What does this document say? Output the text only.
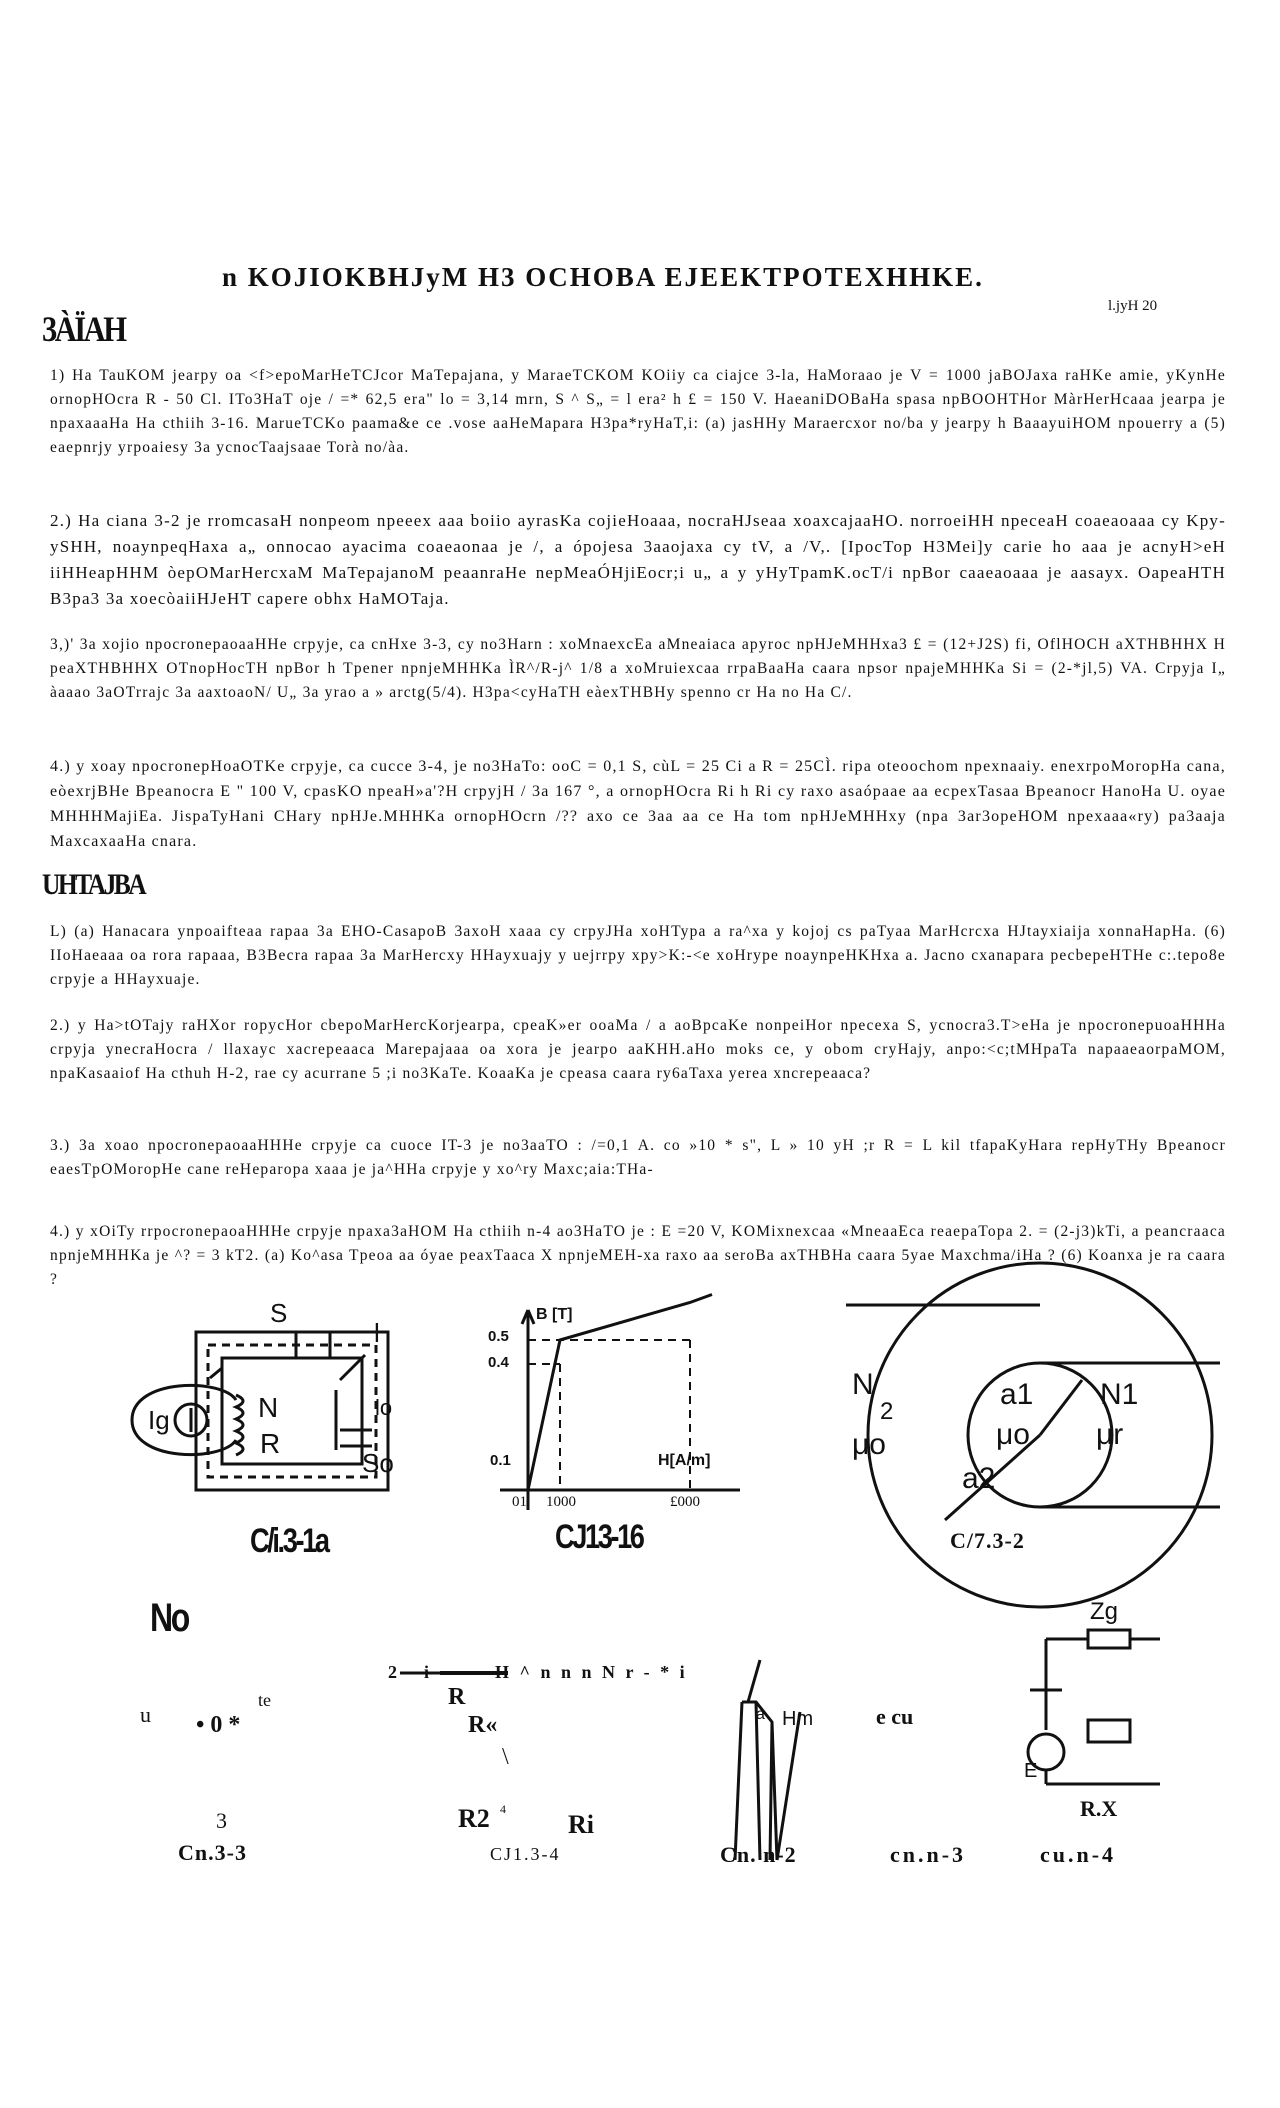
n KOJIOKBHJyM H3 OCHOBA EJEEKTPOTEXHHKE.
l.jyH 20
3ÀÏAH
1) Ha TauKOM jearpy oa <f>epoMarHeTCJcor MaTepajana, y MaraeTCKOM KOiiy ca ciajce 3-la, HaMoraao je V = 1000 jaBOJaxa raHKe amie, yKynHe ornopHOcra R - 50 Cl. ITo3HaT oje / =* 62,5 era" lo = 3,14 mrn, S ^ S„ = l era² h £ = 150 V. HaeaniDOBaHa spasa npBOOHTHor MàrHerHcaaa jearpa je npaxaaaHa Ha cthiih 3-16. MarueTCKo paama&e ce .vose aaHeMapara H3pa*ryHaT,i: (a) jasHHy Maraercxor no/ba y jearpy h BaaayuiHOM npouerry a (5) eaepnrjy yrpoaiesy 3a ycnocTaajsaae Torà no/àa.
2.) Ha ciana 3-2 je rromcasaH nonpeom npeeex aaa boiio ayrasKa cojieHoaaa, nocraHJseaa xoaxcajaaHO. norroeiHH npeceaH coaeaoaaa cy Kpy-ySHH, noaynpeqHaxa a„ onnocao ayacima coaeaonaa je /, a ópojesa 3aaojaxa cy tV, a /V,. [IpocTop H3Mei]y carie ho aaa je acnyH>eH iiHHeapHHM òepOMarHercxaM MaTepajanoM peaanraHe nepMeaÓHjiEocr;i u„ a y yHyTpamK.ocT/i npBor caaeaoaaa je aasayx. OapeaHTH B3pa3 3a xoecòaiiHJeHT capere obhx HaMOTaja.
3,)' 3a xojio npocronepaoaaHHe crpyje, ca cnHxe 3-3, cy no3Harn : xoMnaexcEa aMneaiaca apyroc npHJeMHHxa3 £ = (12+J2S) fi, OflHOCH aXTHBHHX H peaXTHBHHX OTnopHocTH npBor h Tpener npnjeMHHKa ÌR^/R-j^ 1/8 a xoMruiexcaa rrpaBaaHa caara npsor npajeMHHKa Si = (2-*jl,5) VA. Crpyja I„ àaaao 3aOTrrajc 3a aaxtoaoN/ U„ 3a yrao a » arctg(5/4). H3pa<cyHaTH eàexTHBHy spenno cr Ha no Ha C/.
4.) y xoay npocronepHoaOTKe crpyje, ca cucce 3-4, je no3HaTo: ooC = 0,1 S, cùL = 25 Ci a R = 25CÌ. ripa oteoochom npexnaaiy. enexrpoMoropHa cana, eòexrjBHe Bpeanocra E " 100 V, cpasKO npeaH»a'?H crpyjH / 3a 167 °, a ornopHOcra Ri h Ri cy raxo asaópaae aa ecpexTasaa Bpeanocr HanoHa U. oyae MHHHMajiEa. JispaTyHani CHary npHJe.MHHKa ornopHOcrn /?? axo ce 3aa aa ce Ha tom npHJeMHHxy (npa 3ar3opeHOM npexaaa«ry) pa3aaja MaxcaxaaHa cnara.
UHTAJBA
L) (a) Hanacara ynpoaifteaa rapaa 3a EHO-CasapoB 3axoH xaaa cy crpyJHa xoHTypa a ra^xa y kojoj cs paTyaa MarHcrcxa HJtayxiaija xonnaHapHa. (6) IIoHaeaaa oa rora rapaaa, B3Becra rapaa 3a MarHercxy HHayxuajy y uejrrpy xpy>K:-<e xoHrype noaynpeHKHxa a. Jacno cxanapara pecbepeHTHe c:.tepo8e crpyje a HHayxuaje.
2.) y Ha>tOTajy raHXor ropycHor cbepoMarHercKorjearpa, cpeaK»er ooaMa / a aoBpcaKe nonpeiHor npecexa S, ycnocra3.T>eHa je npocronepuoaHHHa crpyja ynecraHocra / llaxayc xacrepeaaca Marepajaaa oa xora je jearpo aaKHH.aHo moks ce, y obom cryHajy, anpo:<c;tMHpaTa napaaeaorpaMOM, npaKasaaiof Ha cthuh H-2, rae cy acurrane 5 ;i no3KaTe. KoaaKa je cpeasa caara ry6aTaxa yerea xncrepeaaca?
3.) 3a xoao npocronepaoaaHHHe crpyje ca cuoce IT-3 je no3aaTO : /=0,1 A. co »10 * s", L » 10 yH ;r R = L kil tfapaKyHara repHyTHy Bpeanocr eaesTpOMoropHe cane reHeparopa xaaa je ja^HHa crpyje y xo^ry Maxc;aia:THa-
4.) y xOiTy rrpocronepaoaHHHe crpyje npaxa3aHOM Ha cthiih n-4 ao3HaTO je : E =20 V, KOMixnexcaa «MneaaEca reaepaTopa 2. = (2-j3)kTi, a peancraaca npnjeMHHKa je ^? = 3 kT2. (a) Ko^asa Tpeoa aa óyae peaxTaaca X npnjeMEH-xa raxo aa seroBa axTHBHa caara 5yae Maxchma/iHa ? (6) Koanxa je ra caara ?
S
l
N
R
Ig	lo
So
C/i.3-1a
B [T]
0.5
0.4
0.1	H[A/m]
01 1000	£000
CJ13-16
N
2
μo
a1 N1
μo μr
a2
C/7.3-2
No
u
te
• 0 *
3
Cn.3-3
2 - i———H ^ n n n N r - * i
R
R«
\
R2 4
Ri
CJ1.3-4
a Hm
Cn. n-2
e cu
cn.n-3
Zg
E
R.X
cu.n-4
